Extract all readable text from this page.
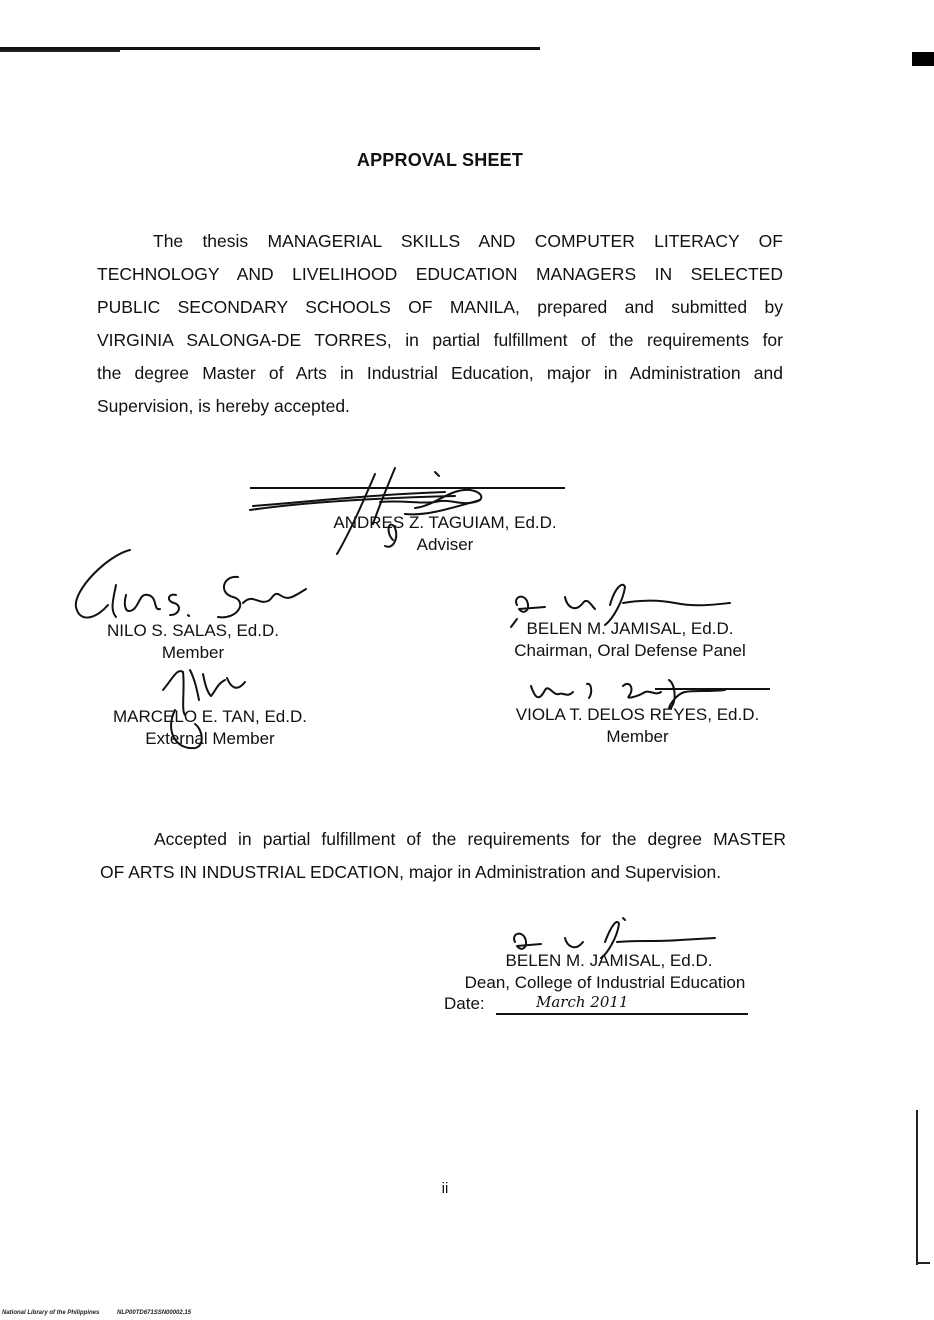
APPROVAL SHEET
The thesis MANAGERIAL SKILLS AND COMPUTER LITERACY OF
TECHNOLOGY AND LIVELIHOOD EDUCATION MANAGERS IN SELECTED
PUBLIC SECONDARY SCHOOLS OF MANILA, prepared and submitted by
VIRGINIA SALONGA-DE TORRES, in partial fulfillment of the requirements for
the degree Master of Arts in Industrial Education, major in Administration and
Supervision, is hereby accepted.
ANDRES Z. TAGUIAM, Ed.D.
Adviser
NILO S. SALAS, Ed.D.
Member
BELEN M. JAMISAL, Ed.D.
Chairman, Oral Defense Panel
MARCELO E. TAN, Ed.D.
External Member
VIOLA T. DELOS REYES, Ed.D.
Member
Accepted in partial fulfillment of the requirements for the degree MASTER
OF ARTS IN INDUSTRIAL EDCATION, major in Administration and Supervision.
BELEN M. JAMISAL, Ed.D.
Dean, College of Industrial Education
Date:	March 2011
ii
National Library of the Philippines	NLP00TD671SSN00002.15
